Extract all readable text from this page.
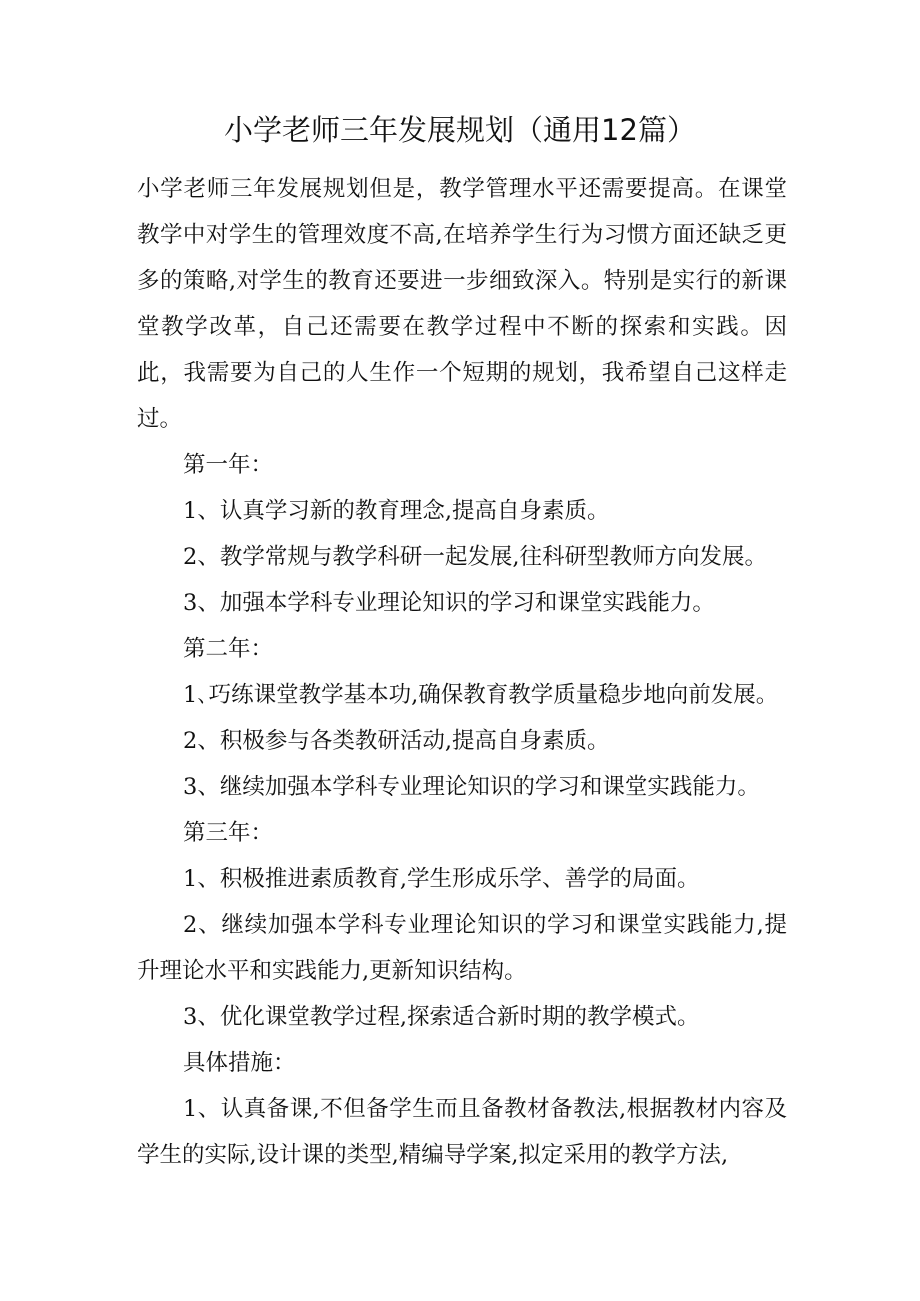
小学老师三年发展规划（通用12篇）

小学老师三年发展规划但是，教学管理水平还需要提高。在课堂教学中对学生的管理效度不高,在培养学生行为习惯方面还缺乏更多的策略,对学生的教育还要进一步细致深入。特别是实行的新课堂教学改革，自己还需要在教学过程中不断的探索和实践。因此，我需要为自己的人生作一个短期的规划，我希望自己这样走过。

第一年：

1、认真学习新的教育理念,提高自身素质。

2、教学常规与教学科研一起发展,往科研型教师方向发展。

3、加强本学科专业理论知识的学习和课堂实践能力。

第二年：

1､巧练课堂教学基本功,确保教育教学质量稳步地向前发展。

2、积极参与各类教研活动,提高自身素质。

3、继续加强本学科专业理论知识的学习和课堂实践能力。

第三年：

1、积极推进素质教育,学生形成乐学、善学的局面。

2、继续加强本学科专业理论知识的学习和课堂实践能力,提升理论水平和实践能力,更新知识结构。

3、优化课堂教学过程,探索适合新时期的教学模式。

具体措施：

1、认真备课,不但备学生而且备教材备教法,根据教材内容及学生的实际,设计课的类型,精编导学案,拟定采用的教学方法,
